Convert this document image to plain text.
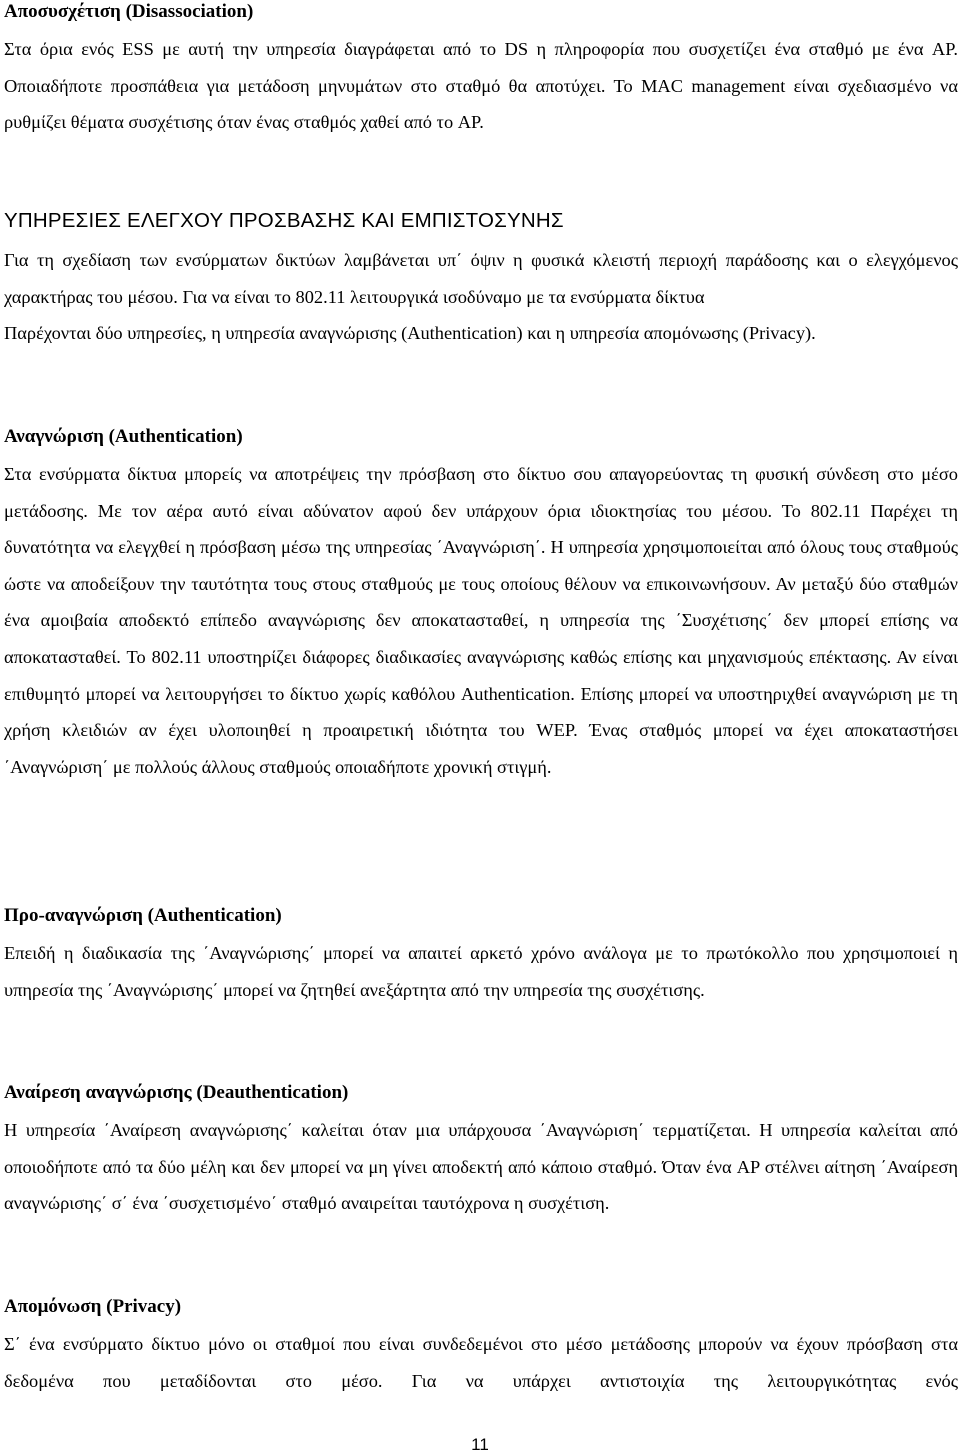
Αποσυσχέτιση (Disassociation)

Στα όρια ενός ESS με αυτή την υπηρεσία διαγράφεται από το DS η πληροφορία που συσχετίζει ένα σταθμό με ένα AP. Οποιαδήποτε προσπάθεια για μετάδοση μηνυμάτων στο σταθμό θα αποτύχει. Το MAC management είναι σχεδιασμένο να ρυθμίζει θέματα συσχέτισης όταν ένας σταθμός χαθεί από το AP.

ΥΠΗΡΕΣΙΕΣ ΕΛΕΓΧΟΥ ΠΡΟΣΒΑΣΗΣ ΚΑΙ ΕΜΠΙΣΤΟΣΥΝΗΣ

Για τη σχεδίαση των ενσύρματων δικτύων λαμβάνεται υπ΄ όψιν η φυσικά κλειστή περιοχή παράδοσης και ο ελεγχόμενος χαρακτήρας του μέσου. Για να είναι το 802.11 λειτουργικά ισοδύναμο με τα ενσύρματα δίκτυα

Παρέχονται δύο υπηρεσίες, η υπηρεσία αναγνώρισης (Authentication) και η υπηρεσία απομόνωσης (Privacy).

Αναγνώριση (Authentication)

Στα ενσύρματα δίκτυα μπορείς να αποτρέψεις την πρόσβαση στο δίκτυο σου απαγορεύοντας τη φυσική σύνδεση στο μέσο μετάδοσης. Με τον αέρα αυτό είναι αδύνατον αφού δεν υπάρχουν όρια ιδιοκτησίας του μέσου. Το 802.11 Παρέχει τη δυνατότητα να ελεγχθεί η πρόσβαση μέσω της υπηρεσίας ΄Αναγνώριση΄. Η υπηρεσία χρησιμοποιείται από όλους τους σταθμούς ώστε να αποδείξουν την ταυτότητα τους στους σταθμούς με τους οποίους θέλουν να επικοινωνήσουν. Αν μεταξύ δύο σταθμών ένα αμοιβαία αποδεκτό επίπεδο αναγνώρισης δεν αποκατασταθεί, η υπηρεσία της ΄Συσχέτισης΄ δεν μπορεί επίσης να αποκατασταθεί. Το 802.11 υποστηρίζει διάφορες διαδικασίες αναγνώρισης καθώς επίσης και μηχανισμούς επέκτασης. Αν είναι επιθυμητό μπορεί να λειτουργήσει το δίκτυο χωρίς καθόλου Authentication. Επίσης μπορεί να υποστηριχθεί αναγνώριση με τη χρήση κλειδιών αν έχει υλοποιηθεί η προαιρετική ιδιότητα του WEP. Ένας σταθμός μπορεί να έχει αποκαταστήσει ΄Αναγνώριση΄ με πολλούς άλλους σταθμούς οποιαδήποτε χρονική στιγμή.

Προ-αναγνώριση (Authentication)

Επειδή η διαδικασία της ΄Αναγνώρισης΄ μπορεί να απαιτεί αρκετό χρόνο ανάλογα με το πρωτόκολλο που χρησιμοποιεί η υπηρεσία της ΄Αναγνώρισης΄ μπορεί να ζητηθεί ανεξάρτητα από την υπηρεσία της συσχέτισης.

Αναίρεση αναγνώρισης (Deauthentication)

Η υπηρεσία ΄Αναίρεση αναγνώρισης΄ καλείται όταν μια υπάρχουσα ΄Αναγνώριση΄ τερματίζεται. Η υπηρεσία καλείται από οποιοδήποτε από τα δύο μέλη και δεν μπορεί να μη γίνει αποδεκτή από κάποιο σταθμό. Όταν ένα AP στέλνει αίτηση ΄Αναίρεση αναγνώρισης΄ σ΄ ένα ΄συσχετισμένο΄ σταθμό αναιρείται ταυτόχρονα η συσχέτιση.

Απομόνωση (Privacy)

Σ΄ ένα ενσύρματο δίκτυο μόνο οι σταθμοί που είναι συνδεδεμένοι στο μέσο μετάδοσης μπορούν να έχουν πρόσβαση στα δεδομένα που μεταδίδονται στο μέσο. Για να υπάρχει αντιστοιχία της λειτουργικότητας ενός

11
